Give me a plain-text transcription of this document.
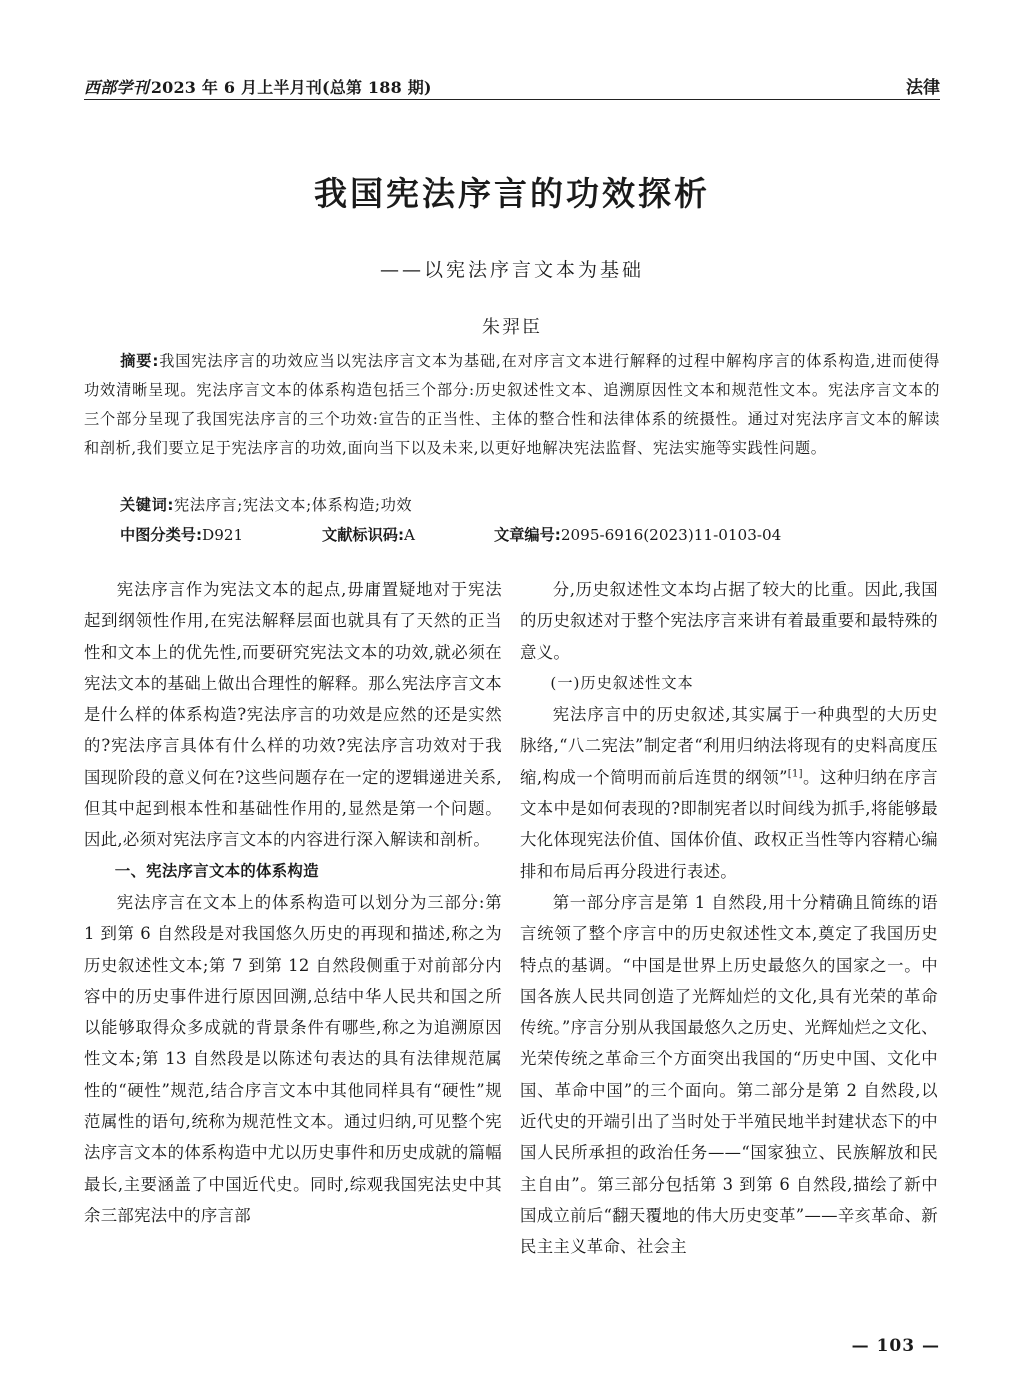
西部学刊 2023 年 6 月上半月刊(总第 188 期)	法律
我国宪法序言的功效探析
——以宪法序言文本为基础
朱羿臣
摘要:我国宪法序言的功效应当以宪法序言文本为基础,在对序言文本进行解释的过程中解构序言的体系构造,进而使得功效清晰呈现。宪法序言文本的体系构造包括三个部分:历史叙述性文本、追溯原因性文本和规范性文本。宪法序言文本的三个部分呈现了我国宪法序言的三个功效:宣告的正当性、主体的整合性和法律体系的统摄性。通过对宪法序言文本的解读和剖析,我们要立足于宪法序言的功效,面向当下以及未来,以更好地解决宪法监督、宪法实施等实践性问题。
关键词:宪法序言;宪法文本;体系构造;功效
中图分类号:D921	文献标识码:A	文章编号:2095-6916(2023)11-0103-04

宪法序言作为宪法文本的起点,毋庸置疑地对于宪法起到纲领性作用,在宪法解释层面也就具有了天然的正当性和文本上的优先性,而要研究宪法文本的功效,就必须在宪法文本的基础上做出合理性的解释。那么宪法序言文本是什么样的体系构造?宪法序言的功效是应然的还是实然的?宪法序言具体有什么样的功效?宪法序言功效对于我国现阶段的意义何在?这些问题存在一定的逻辑递进关系,但其中起到根本性和基础性作用的,显然是第一个问题。因此,必须对宪法序言文本的内容进行深入解读和剖析。

一、宪法序言文本的体系构造

宪法序言在文本上的体系构造可以划分为三部分:第 1 到第 6 自然段是对我国悠久历史的再现和描述,称之为历史叙述性文本;第 7 到第 12 自然段侧重于对前部分内容中的历史事件进行原因回溯,总结中华人民共和国之所以能够取得众多成就的背景条件有哪些,称之为追溯原因性文本;第 13 自然段是以陈述句表达的具有法律规范属性的“硬性”规范,结合序言文本中其他同样具有“硬性”规范属性的语句,统称为规范性文本。通过归纳,可见整个宪法序言文本的体系构造中尤以历史事件和历史成就的篇幅最长,主要涵盖了中国近代史。同时,综观我国宪法史中其余三部宪法中的序言部

分,历史叙述性文本均占据了较大的比重。因此,我国的历史叙述对于整个宪法序言来讲有着最重要和最特殊的意义。

(一)历史叙述性文本

宪法序言中的历史叙述,其实属于一种典型的大历史脉络,“八二宪法”制定者“利用归纳法将现有的史料高度压缩,构成一个简明而前后连贯的纲领”[1]。这种归纳在序言文本中是如何表现的?即制宪者以时间线为抓手,将能够最大化体现宪法价值、国体价值、政权正当性等内容精心编排和布局后再分段进行表述。

第一部分序言是第 1 自然段,用十分精确且简练的语言统领了整个序言中的历史叙述性文本,奠定了我国历史特点的基调。“中国是世界上历史最悠久的国家之一。中国各族人民共同创造了光辉灿烂的文化,具有光荣的革命传统。”序言分别从我国最悠久之历史、光辉灿烂之文化、光荣传统之革命三个方面突出我国的“历史中国、文化中国、革命中国”的三个面向。第二部分是第 2 自然段,以近代史的开端引出了当时处于半殖民地半封建状态下的中国人民所承担的政治任务——“国家独立、民族解放和民主自由”。第三部分包括第 3 到第 6 自然段,描绘了新中国成立前后“翻天覆地的伟大历史变革”——辛亥革命、新民主主义革命、社会主

— 103 —
